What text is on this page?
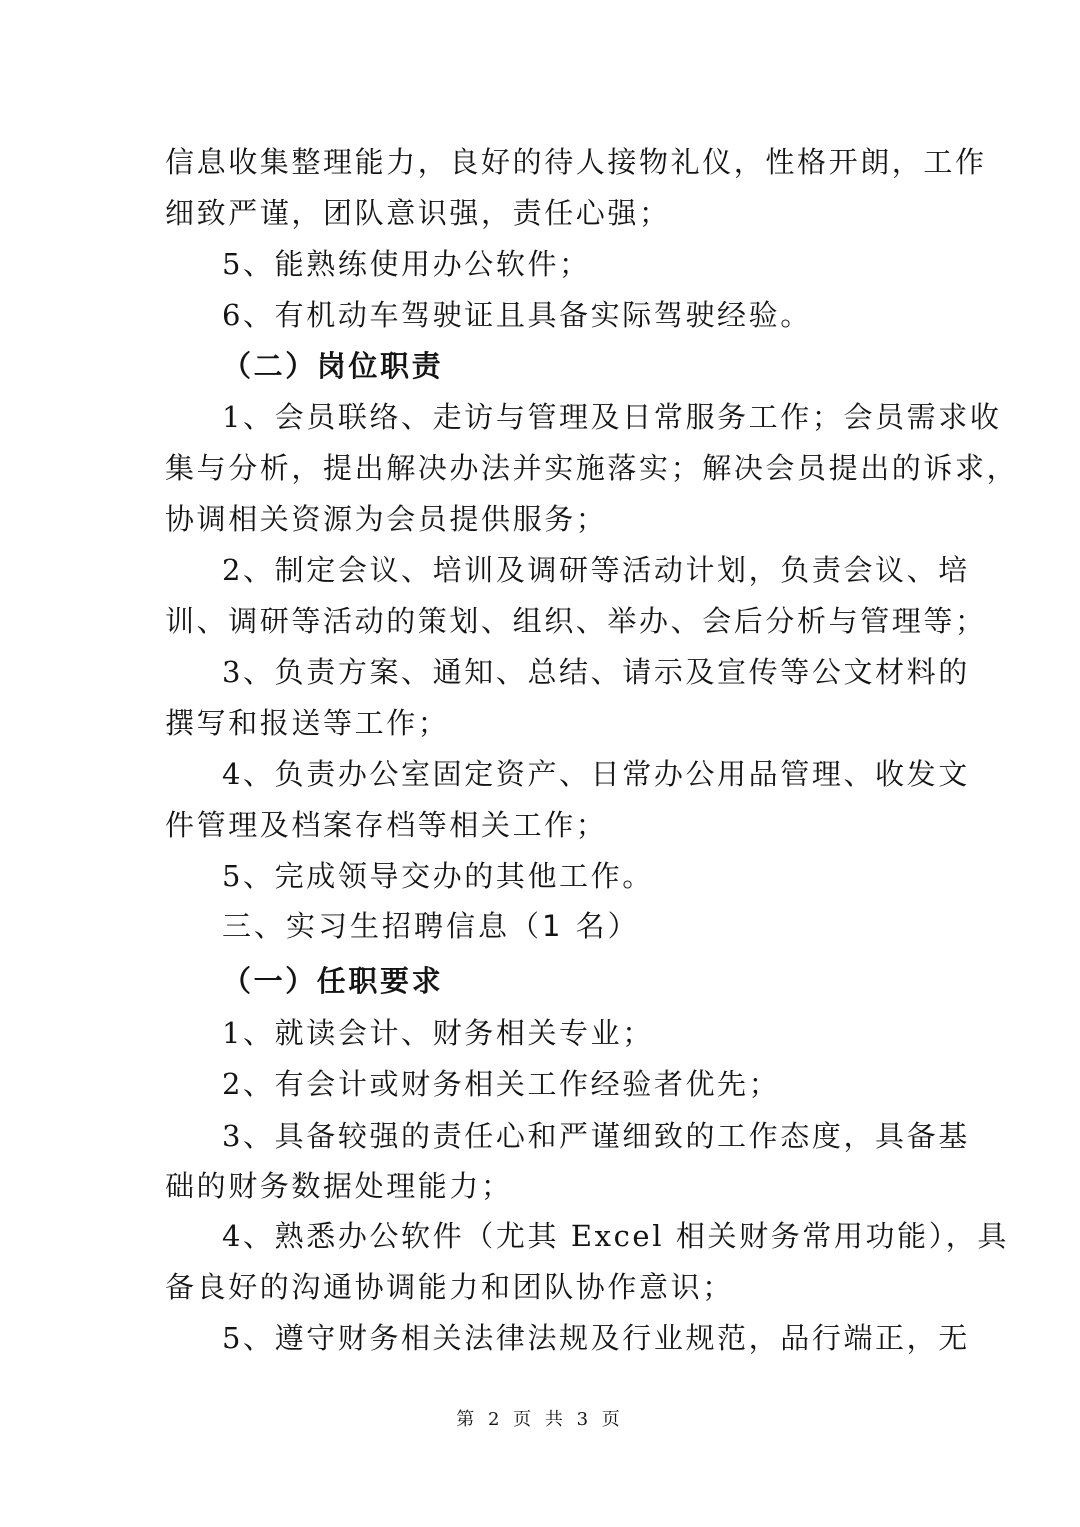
信息收集整理能力，良好的待人接物礼仪，性格开朗，工作
细致严谨，团队意识强，责任心强；
5、能熟练使用办公软件；
6、有机动车驾驶证且具备实际驾驶经验。
（二）岗位职责
1、会员联络、走访与管理及日常服务工作；会员需求收
集与分析，提出解决办法并实施落实；解决会员提出的诉求，
协调相关资源为会员提供服务；
2、制定会议、培训及调研等活动计划，负责会议、培
训、调研等活动的策划、组织、举办、会后分析与管理等；
3、负责方案、通知、总结、请示及宣传等公文材料的
撰写和报送等工作；
4、负责办公室固定资产、日常办公用品管理、收发文
件管理及档案存档等相关工作；
5、完成领导交办的其他工作。
三、实习生招聘信息（1 名）
（一）任职要求
1、就读会计、财务相关专业；
2、有会计或财务相关工作经验者优先；
3、具备较强的责任心和严谨细致的工作态度，具备基
础的财务数据处理能力；
4、熟悉办公软件（尤其 Excel 相关财务常用功能），具
备良好的沟通协调能力和团队协作意识；
5、遵守财务相关法律法规及行业规范，品行端正，无
第 2 页 共 3 页
